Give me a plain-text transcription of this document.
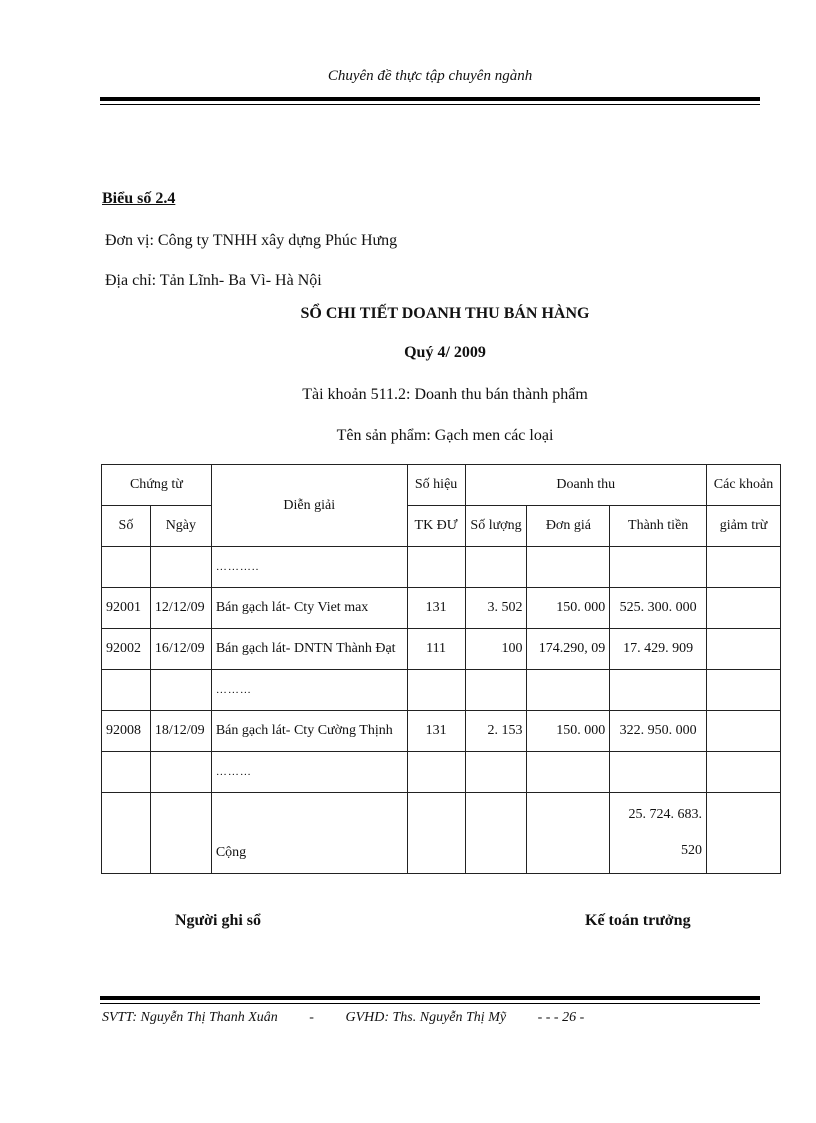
Chuyên đề thực tập chuyên ngành
Biểu số 2.4
Đơn vị: Công ty TNHH xây dựng Phúc Hưng
Địa chỉ: Tản Lĩnh- Ba Vì- Hà Nội
SỔ CHI TIẾT DOANH THU BÁN HÀNG
Quý 4/ 2009
Tài khoản 511.2: Doanh thu bán thành phẩm
Tên sản phẩm: Gạch men các loại
Chứng từ		Diễn giải	Số hiệu	Doanh thu			Các khoản
Số	Ngày		TK ĐƯ	Số lượng	Đơn giá	Thành tiền	giảm trừ
		………..					
92001	12/12/09	Bán gạch lát- Cty Viet max	131	3. 502	150. 000	525. 300. 000	
92002	16/12/09	Bán gạch lát- DNTN Thành Đạt	111	100	174.290, 09	17. 429. 909	
		………					
92008	18/12/09	Bán gạch lát- Cty Cường Thịnh	131	2. 153	150. 000	322. 950. 000	
		………					
		Cộng				25. 724. 683.
520	

Người ghi sổ	Kế toán trưởng
SVTT: Nguyễn Thị Thanh Xuân - GVHD: Ths. Nguyễn Thị Mỹ - - - 26 -
